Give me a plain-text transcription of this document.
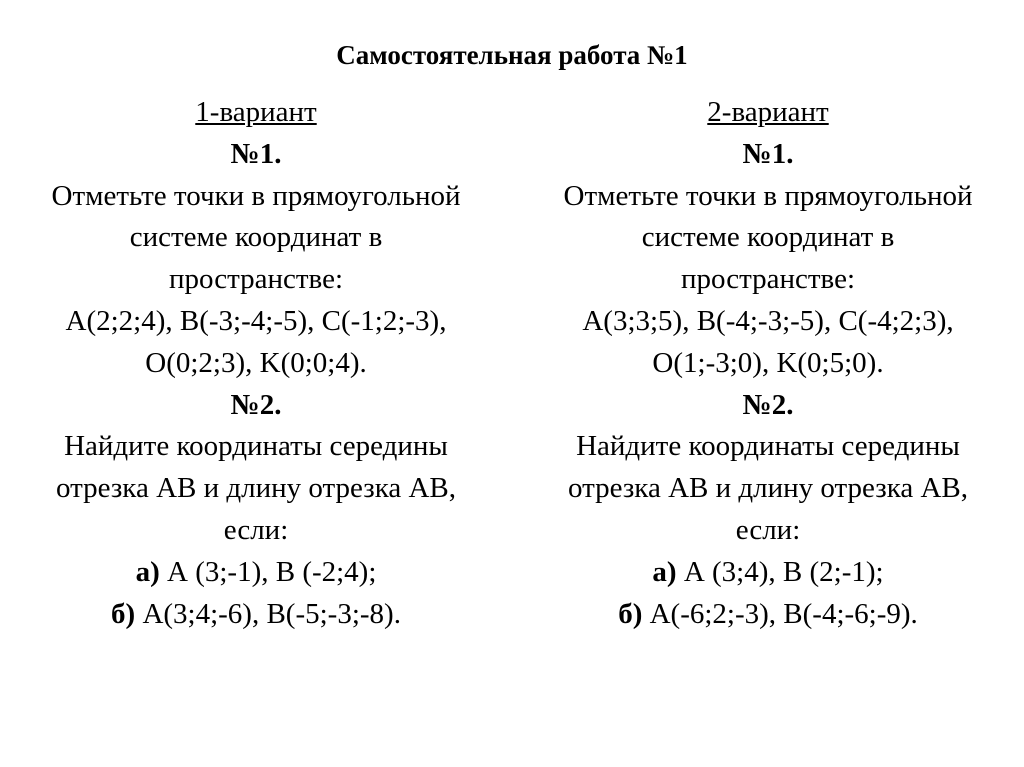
Самостоятельная работа №1
1-вариант
№1.
Отметьте точки в прямоугольной
системе координат в
пространстве:
A(2;2;4), B(-3;-4;-5), C(-1;2;-3),
O(0;2;3), K(0;0;4).
№2.
Найдите координаты середины
отрезка АВ и длину отрезка АВ,
если:
а) А (3;-1), В (-2;4);
б) А(3;4;-6), В(-5;-3;-8).
2-вариант
№1.
Отметьте точки в прямоугольной
системе координат в
пространстве:
A(3;3;5), B(-4;-3;-5), C(-4;2;3),
O(1;-3;0), K(0;5;0).
№2.
Найдите координаты середины
отрезка АВ и длину отрезка АВ,
если:
а) А (3;4), В (2;-1);
б) А(-6;2;-3), В(-4;-6;-9).
